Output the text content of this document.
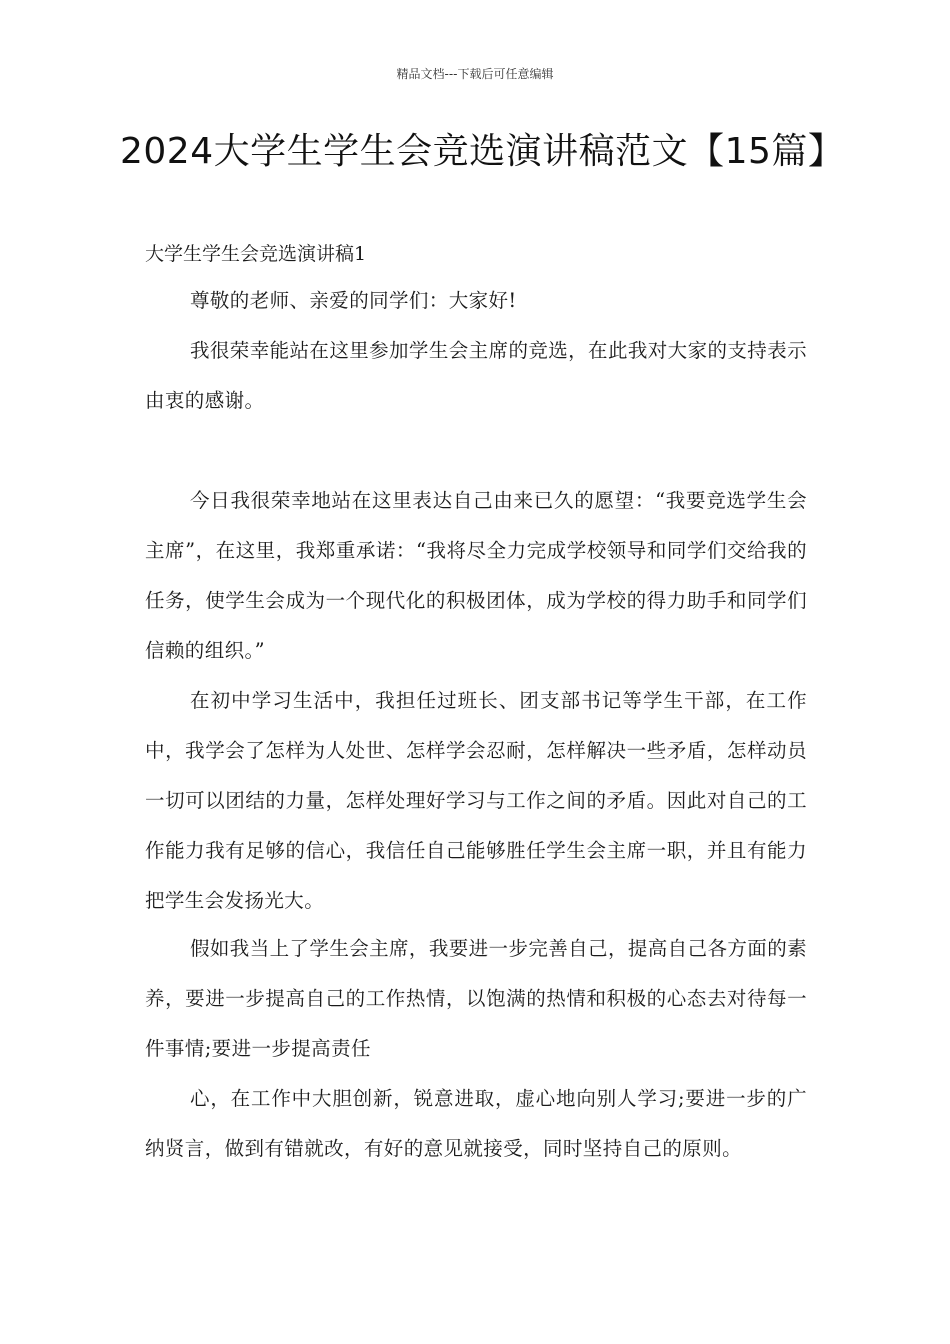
精品文档---下载后可任意编辑
2024大学生学生会竞选演讲稿范文【15篇】
大学生学生会竞选演讲稿1

尊敬的老师、亲爱的同学们：大家好!

我很荣幸能站在这里参加学生会主席的竞选，在此我对大家的支持表示由衷的感谢。

今日我很荣幸地站在这里表达自己由来已久的愿望：“我要竞选学生会主席”，在这里，我郑重承诺：“我将尽全力完成学校领导和同学们交给我的任务，使学生会成为一个现代化的积极团体，成为学校的得力助手和同学们信赖的组织。”

在初中学习生活中，我担任过班长、团支部书记等学生干部，在工作中，我学会了怎样为人处世、怎样学会忍耐，怎样解决一些矛盾，怎样动员一切可以团结的力量，怎样处理好学习与工作之间的矛盾。因此对自己的工作能力我有足够的信心，我信任自己能够胜任学生会主席一职，并且有能力把学生会发扬光大。

假如我当上了学生会主席，我要进一步完善自己，提高自己各方面的素养，要进一步提高自己的工作热情，以饱满的热情和积极的心态去对待每一件事情;要进一步提高责任

心，在工作中大胆创新，锐意进取，虚心地向别人学习;要进一步的广纳贤言，做到有错就改，有好的意见就接受，同时坚持自己的原则。
